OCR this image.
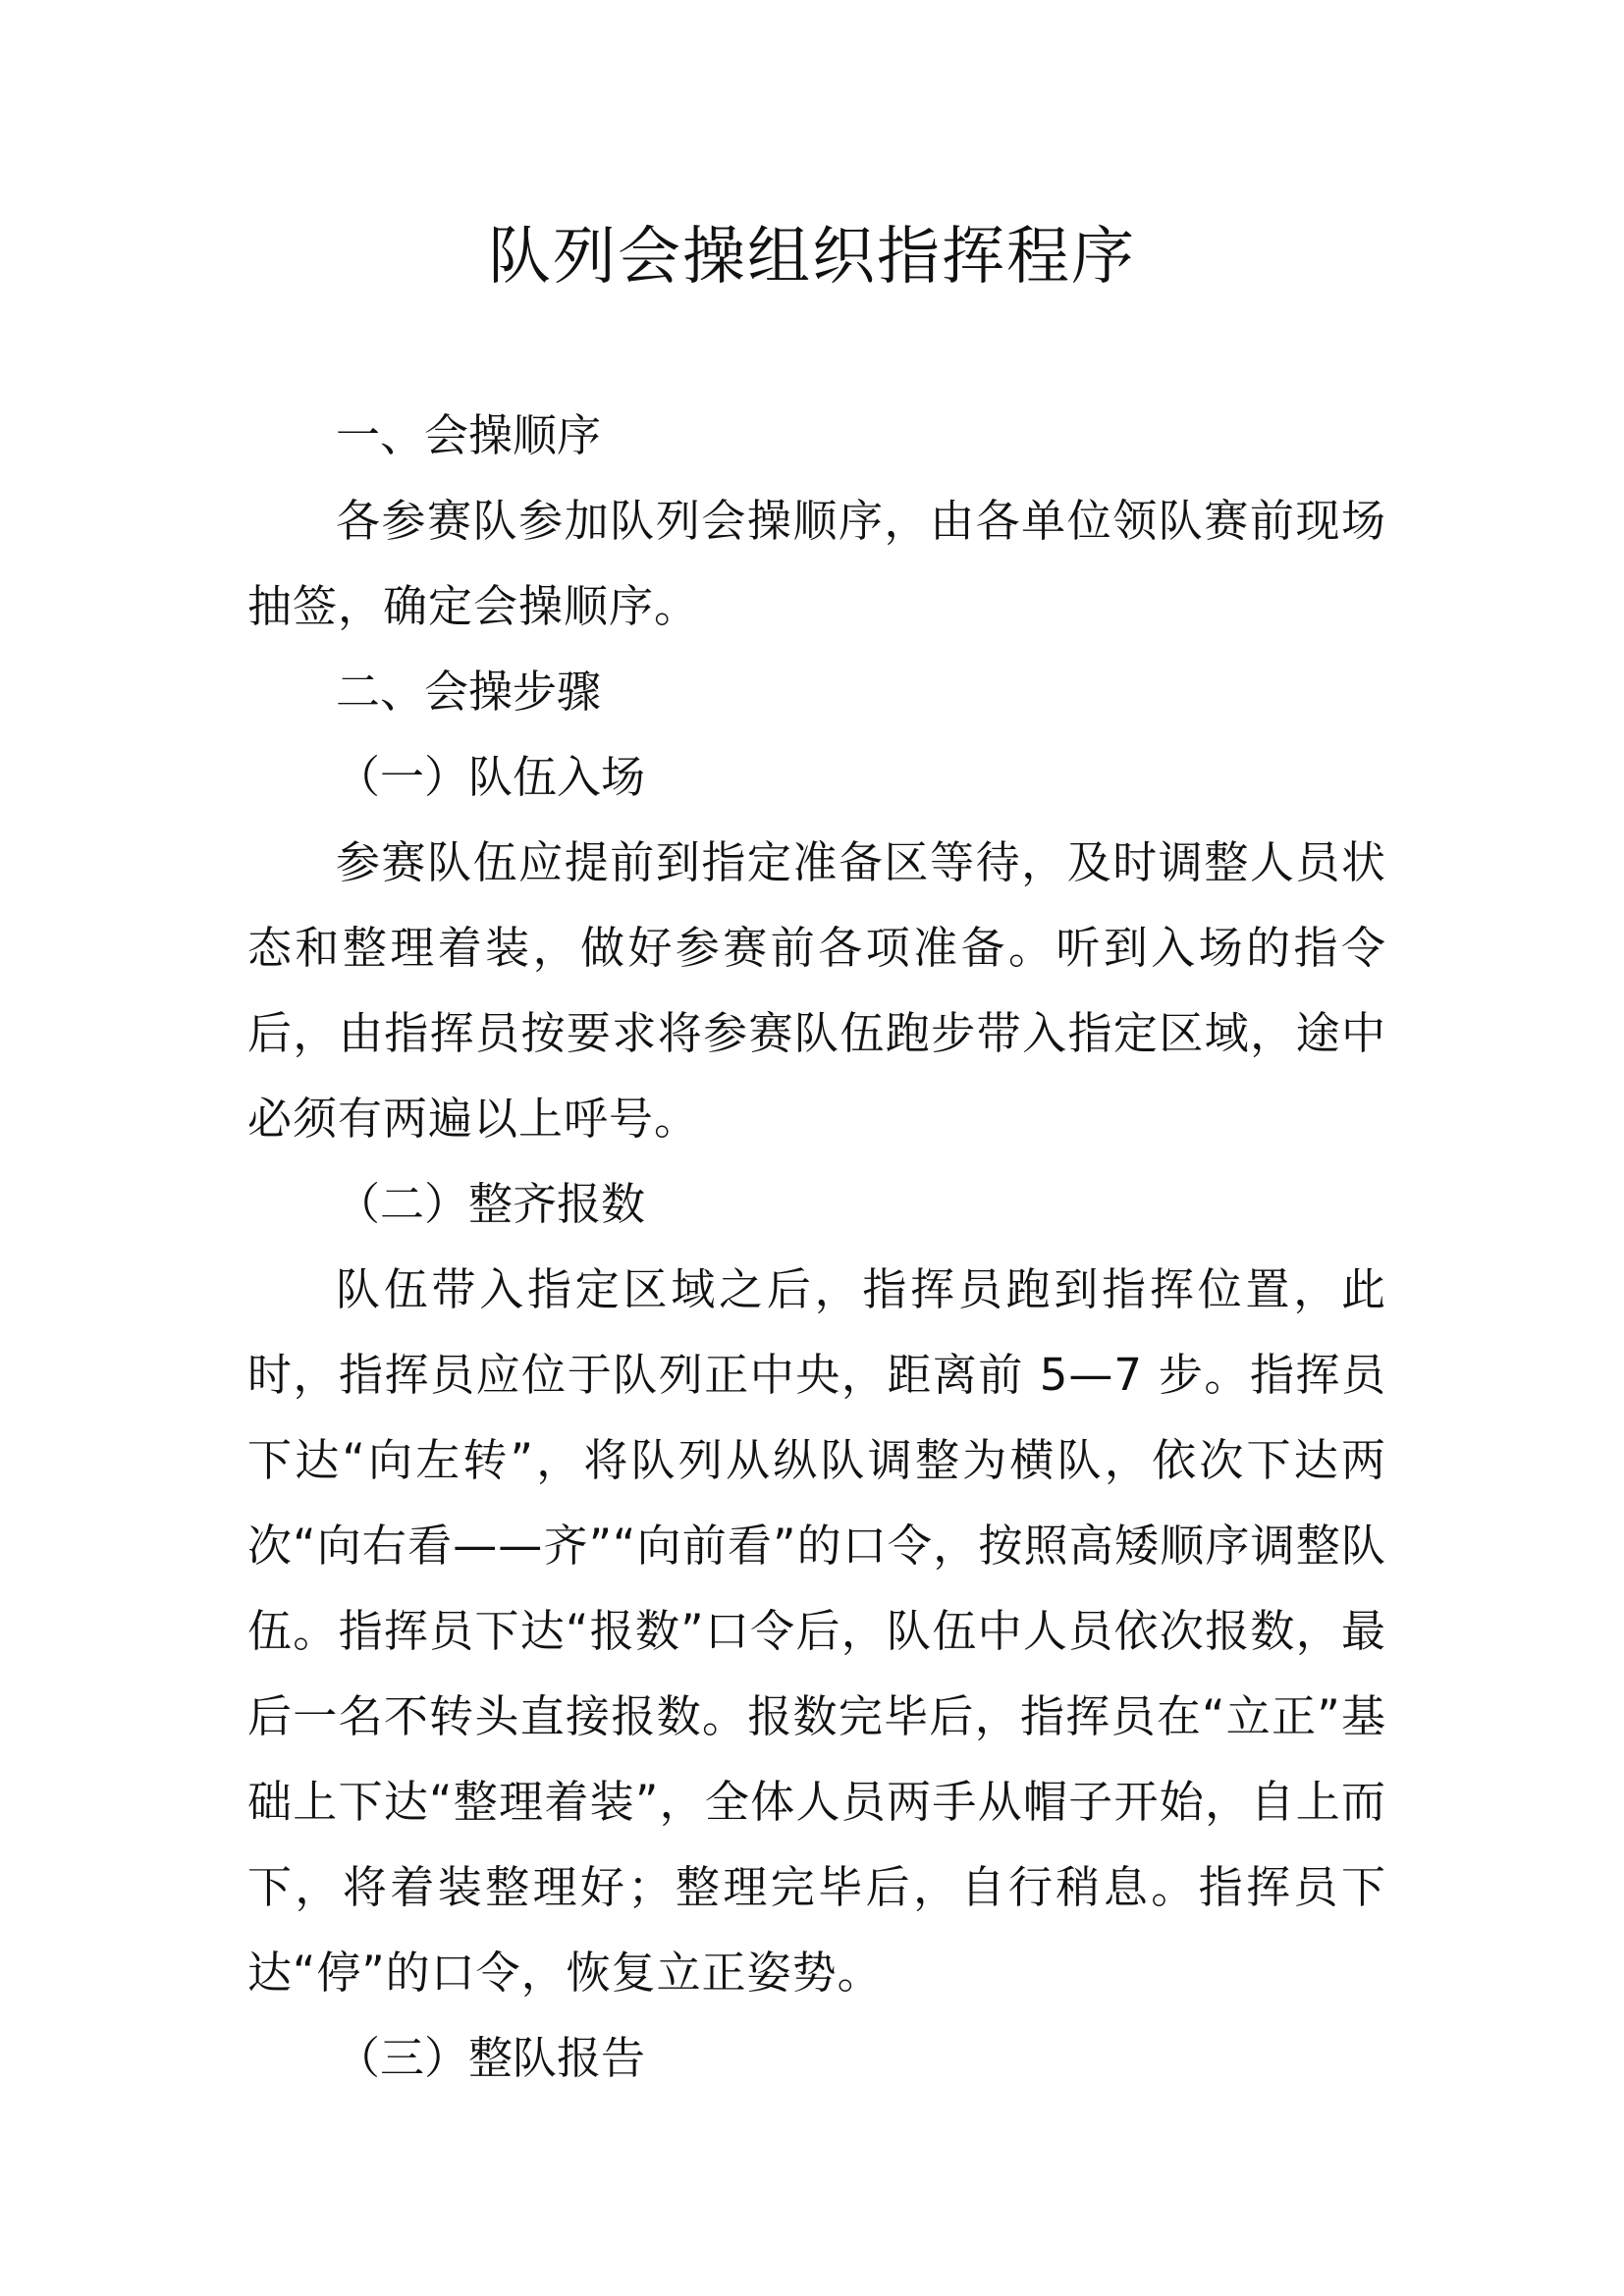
队列会操组织指挥程序
一、会操顺序

各参赛队参加队列会操顺序，由各单位领队赛前现场抽签，确定会操顺序。

二、会操步骤
（一）队伍入场

参赛队伍应提前到指定准备区等待，及时调整人员状态和整理着装，做好参赛前各项准备。听到入场的指令后，由指挥员按要求将参赛队伍跑步带入指定区域，途中必须有两遍以上呼号。

（二）整齐报数

队伍带入指定区域之后，指挥员跑到指挥位置，此时，指挥员应位于队列正中央，距离前 5—7 步。指挥员下达“向左转”，将队列从纵队调整为横队，依次下达两次“向右看——齐”“向前看”的口令，按照高矮顺序调整队伍。指挥员下达“报数”口令后，队伍中人员依次报数，最后一名不转头直接报数。报数完毕后，指挥员在“立正”基础上下达“整理着装”，全体人员两手从帽子开始，自上而下，将着装整理好；整理完毕后，自行稍息。指挥员下达“停”的口令，恢复立正姿势。

（三）整队报告
